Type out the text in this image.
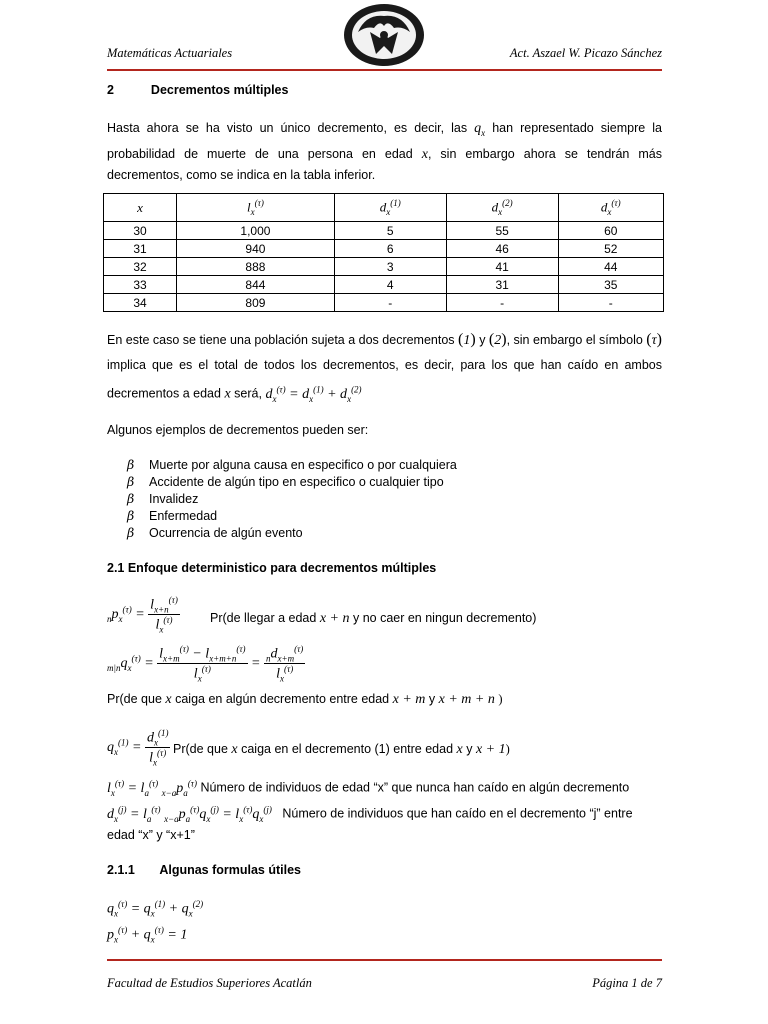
Matemáticas Actuariales	Act. Aszael W. Picazo Sánchez
2	Decrementos múltiples
Hasta ahora se ha visto un único decremento, es decir, las $q_x$ han representado siempre la probabilidad de muerte de una persona en edad x, sin embargo ahora se tendrán más decrementos, como se indica en la tabla inferior.
x	$l_x^{(\tau)}$	$d_x^{(1)}$	$d_x^{(2)}$	$d_x^{(\tau)}$
30	1,000	5	55	60
31	940	6	46	52
32	888	3	41	44
33	844	4	31	35
34	809	-	-	-
En este caso se tiene una población sujeta a dos decrementos (1) y (2), sin embargo el símbolo (τ) implica que es el total de todos los decrementos, es decir, para los que han caído en ambos decrementos a edad x será, $d_x^{(\tau)} = d_x^{(1)} + d_x^{(2)}$
Algunos ejemplos de decrementos pueden ser:
β Muerte por alguna causa en especifico o por cualquiera
β Accidente de algún tipo en especifico o cualquier tipo
β Invalidez
β Enfermedad
β Ocurrencia de algún evento
2.1 Enfoque deterministico para decrementos múltiples
$_np_x^{(\tau)} = \frac{l_{x+n}^{(\tau)}}{l_x^{(\tau)}} Pr(de$ llegar a edad x + n y no caer en ningun decremento)
$_{m|n}q_x^{(\tau)} = \frac{l_{x+m}^{(\tau)} - l_{x+m+n}^{(\tau)}}{l_x^{(\tau)}} = \frac{_nd_{x+m}^{(\tau)}}{l_x^{(\tau)}}$
Pr(de que x caiga en algún decremento entre edad x + m y x + m + n )
$q_x^{(1)} = \frac{d_x^{(1)}}{l_x^{(\tau)}} Pr(de$ que x caiga en el decremento (1) entre edad x y x + 1)
$l_x^{(\tau)} = l_a^{(\tau)}$ $_{x-a}p_a^{(\tau)}$ Número de individuos de edad “x” que nunca han caído en algún decremento
$d_x^{(j)} = l_a^{(\tau)}$ $_{x-a}p_a^{(\tau)}q_x^{(j)} = l_x^{(\tau)}q_x^{(j)}$ Número de individuos que han caído en el decremento “j” entre
edad “x” y “x+1”
2.1.1 Algunas formulas útiles
$q_x^{(\tau)} = q_x^{(1)} + q_x^{(2)}$
$p_x^{(\tau)} + q_x^{(\tau)} = 1$
Facultad de Estudios Superiores Acatlán	Página 1 de 7
